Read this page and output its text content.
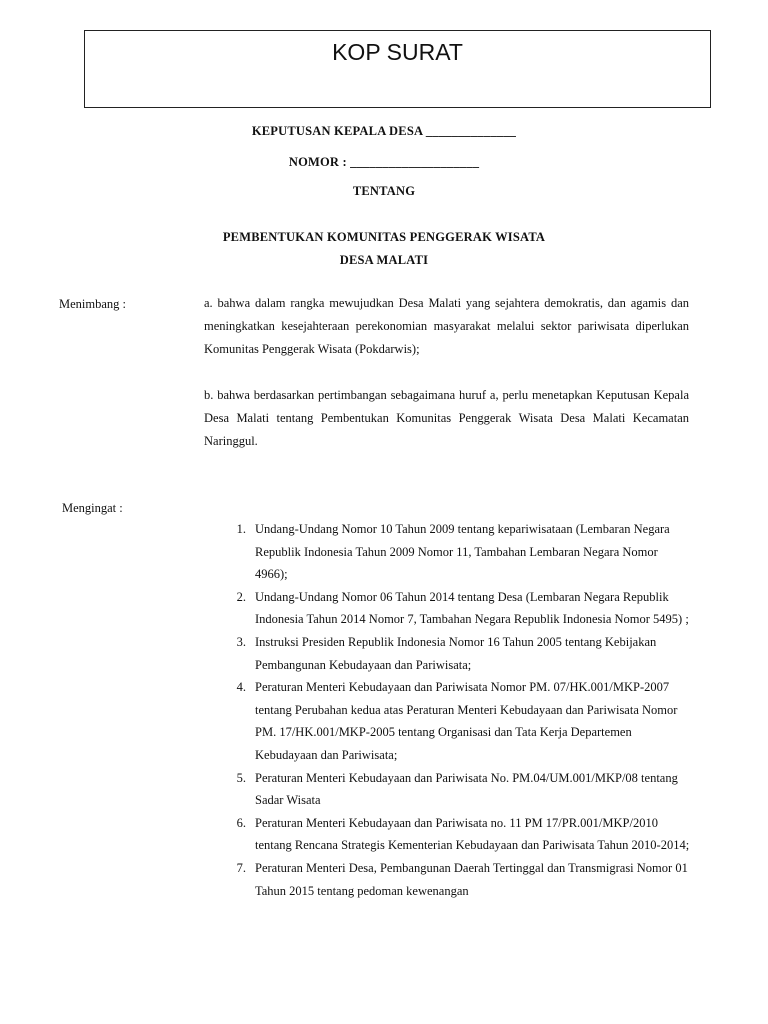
KOP SURAT
KEPUTUSAN KEPALA DESA ______________
NOMOR : ____________________
TENTANG
PEMBENTUKAN KOMUNITAS PENGGERAK WISATA
DESA MALATI
Menimbang :	a. bahwa dalam rangka mewujudkan Desa Malati yang sejahtera demokratis, dan agamis dan meningkatkan kesejahteraan perekonomian masyarakat melalui sektor pariwisata diperlukan Komunitas Penggerak Wisata (Pokdarwis);
b. bahwa berdasarkan pertimbangan sebagaimana huruf a, perlu menetapkan Keputusan Kepala Desa Malati tentang Pembentukan Komunitas Penggerak Wisata Desa Malati Kecamatan Naringgul.
Mengingat :
1. Undang-Undang Nomor 10 Tahun 2009 tentang kepariwisataan (Lembaran Negara Republik Indonesia Tahun 2009 Nomor 11, Tambahan Lembaran Negara Nomor 4966);
2. Undang-Undang Nomor 06 Tahun 2014 tentang Desa (Lembaran Negara Republik Indonesia Tahun 2014 Nomor 7, Tambahan Negara Republik Indonesia Nomor 5495) ;
3. Instruksi Presiden Republik Indonesia Nomor 16 Tahun 2005 tentang Kebijakan Pembangunan Kebudayaan dan Pariwisata;
4. Peraturan Menteri Kebudayaan dan Pariwisata Nomor PM. 07/HK.001/MKP-2007 tentang Perubahan kedua atas Peraturan Menteri Kebudayaan dan Pariwisata Nomor PM. 17/HK.001/MKP-2005 tentang Organisasi dan Tata Kerja Departemen Kebudayaan dan Pariwisata;
5. Peraturan Menteri Kebudayaan dan Pariwisata No. PM.04/UM.001/MKP/08 tentang Sadar Wisata
6. Peraturan Menteri Kebudayaan dan Pariwisata no. 11 PM 17/PR.001/MKP/2010 tentang Rencana Strategis Kementerian Kebudayaan dan Pariwisata Tahun 2010-2014;
7. Peraturan Menteri Desa, Pembangunan Daerah Tertinggal dan Transmigrasi Nomor 01 Tahun 2015 tentang pedoman kewenangan
